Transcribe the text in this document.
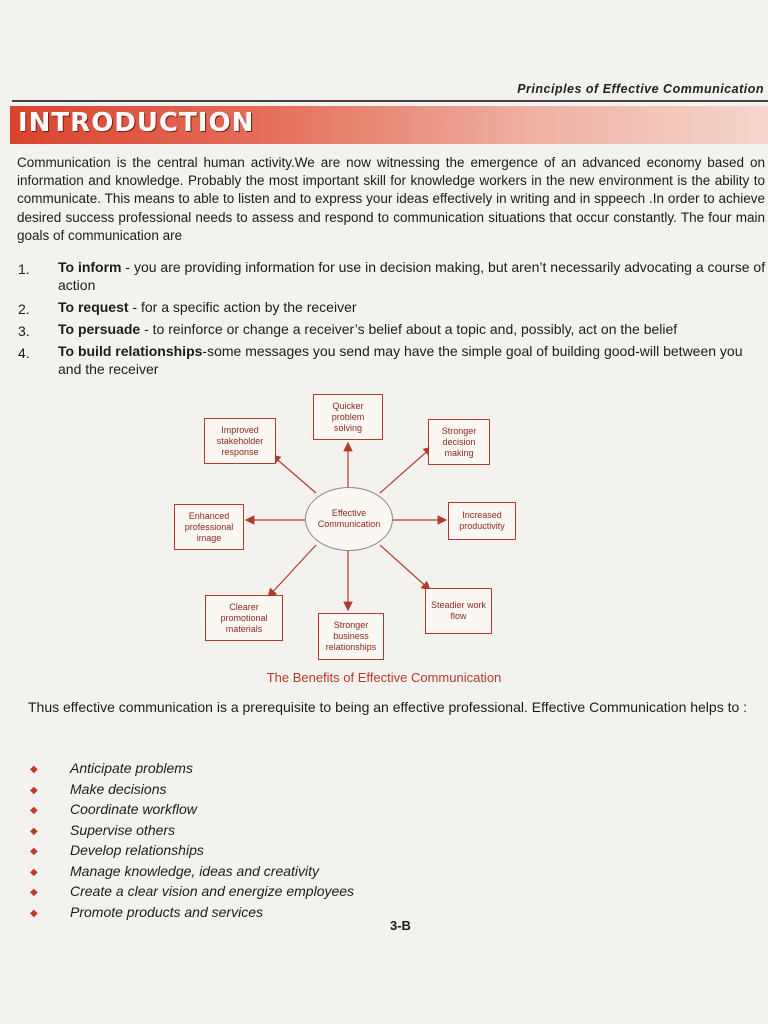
Principles of Effective Communication
INTRODUCTION
Communication is the central human activity.We are now witnessing the emergence of an advanced economy based on information and knowledge. Probably the most important skill for knowledge workers in the new environment is the ability to communicate. This means to able to listen and to express your ideas effectively in writing and in sppeech .In order to achieve desired success professional needs to assess and respond to communication situations that occur constantly. The four main goals of communication are
1.	To inform - you are providing information for use in decision making, but aren’t necessarily advocating a course of action
2.	To request - for a specific action by the receiver
3.	To persuade - to reinforce or change a receiver’s belief about a topic and, possibly, act on the belief
4.	To build relationships-some messages you send may have the simple goal of building good-will between you and the receiver
Quicker problem solving	Stronger decision making
Increased productivity
Steadier work flow
Stronger business relationships
Clearer promotional materials
Enhanced professional image
Improved stakeholder response
Effective Communication
The Benefits of Effective Communication
Thus effective communication is a prerequisite to being an effective professional. Effective Communication helps to :
◆ Anticipate problems
◆ Make decisions
◆ Coordinate workflow
◆ Supervise others
◆ Develop relationships
◆ Manage knowledge, ideas and creativity
◆ Create a clear vision and energize employees
◆ Promote products and services
3-B
